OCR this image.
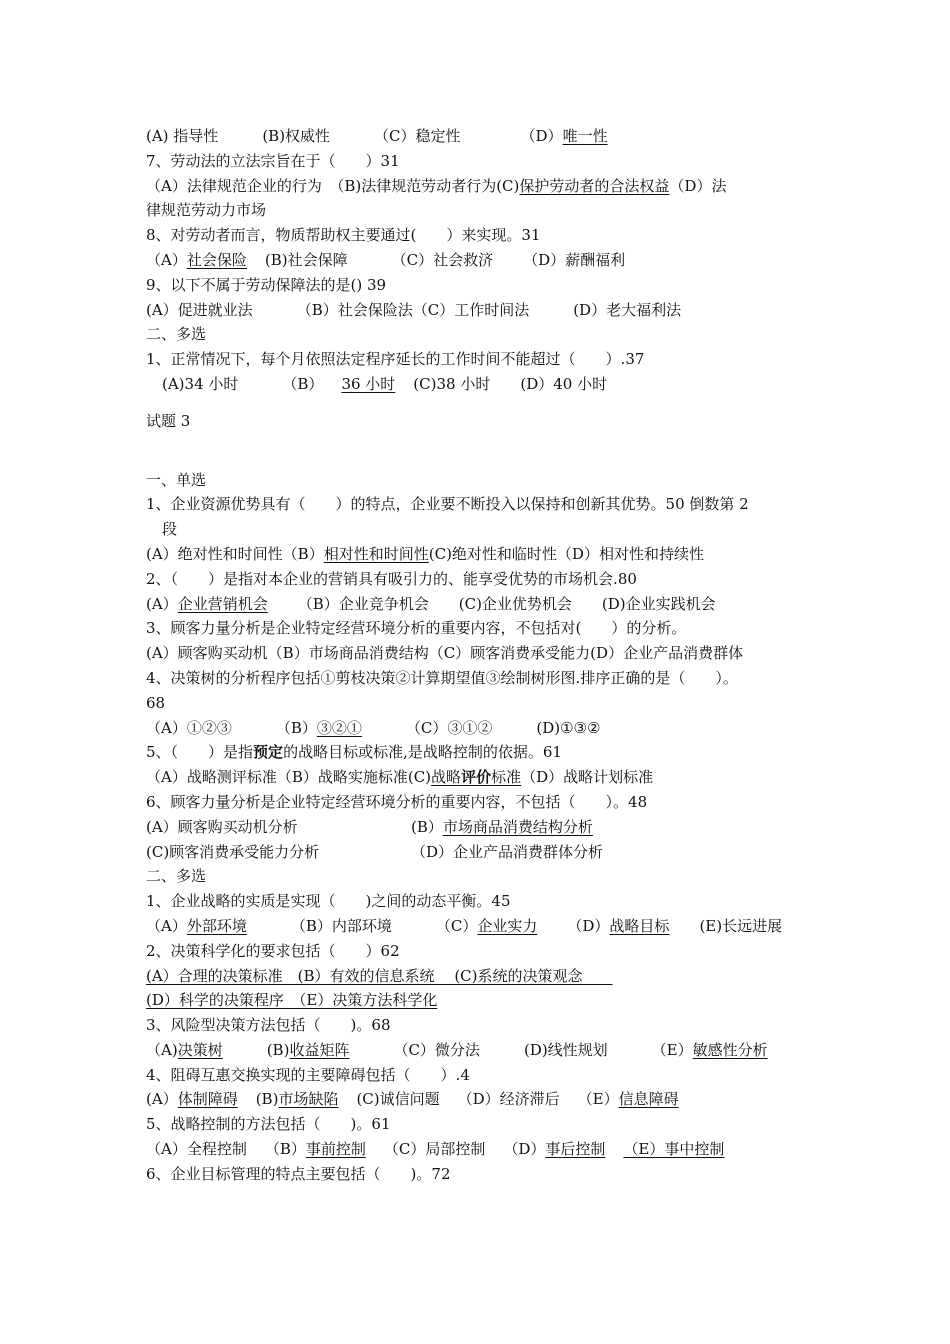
(A) 指导性	(B)权威性	（C）稳定性	（D）唯一性
7、劳动法的立法宗旨在于（　　）31
（A）法律规范企业的行为　（B)法律规范劳动者行为(C)保护劳动者的合法权益（D）法
律规范劳动力市场
8、对劳动者而言，物质帮助权主要通过(　　）来实现。31
（A）社会保险 (B)社会保障	（C）社会救济 （D）薪酬福利
9、以下不属于劳动保障法的是() 39
(A）促进就业法	（B）社会保险法（C）工作时间法	(D）老大福利法
二、多选
1、正常情况下，每个月依照法定程序延长的工作时间不能超过（　　）.37
(A)34 小时	（B） 36 小时 (C)38 小时 (D）40 小时
试题 3
一、单选
1、企业资源优势具有（　　）的特点，企业要不断投入以保持和创新其优势。50 倒数第 2
段
(A）绝对性和时间性（B）相对性和时间性(C)绝对性和临时性（D）相对性和持续性
2、（　　）是指对本企业的营销具有吸引力的、能享受优势的市场机会.80
(A）企业营销机会 （B）企业竞争机会 (C)企业优势机会 (D)企业实践机会
3、顾客力量分析是企业特定经营环境分析的重要内容，不包括对(　　）的分析。
(A）顾客购买动机（B）市场商品消费结构（C）顾客消费承受能力(D）企业产品消费群体
4、决策树的分析程序包括①剪枝决策②计算期望值③绘制树形图.排序正确的是（　　）。
68
（A）①②③	（B）③②①	（C）③①②	(D)①③②
5、（　　）是指预定的战略目标或标准,是战略控制的依据。61
（A）战略测评标准（B）战略实施标准(C)战略评价标准（D）战略计划标准
6、顾客力量分析是企业特定经营环境分析的重要内容，不包括（　　）。48
(A）顾客购买动机分析	(B）市场商品消费结构分析
(C)顾客消费承受能力分析	（D）企业产品消费群体分析
二、多选
1、企业战略的实质是实现（　　)之间的动态平衡。45
（A）外部环境	（B）内部环境	（C）企业实力 （D）战略目标 (E)长远进展
2、决策科学化的要求包括（　　）62
(A）合理的决策标准　(B）有效的信息系统　 (C)系统的决策观念　　
(D）科学的决策程序　（E）决策方法科学化
3、风险型决策方法包括（　　)。68
（A)决策树	(B)收益矩阵	（C）微分法	(D)线性规划	（E）敏感性分析
4、阻碍互惠交换实现的主要障碍包括（　　）.4
(A）体制障碍 (B)市场缺陷 (C)诚信问题 （D）经济滞后 （E）信息障碍
5、战略控制的方法包括（　　)。61
（A）全程控制 （B）事前控制 （C）局部控制 （D）事后控制 （E）事中控制
6、企业目标管理的特点主要包括（　　)。72
